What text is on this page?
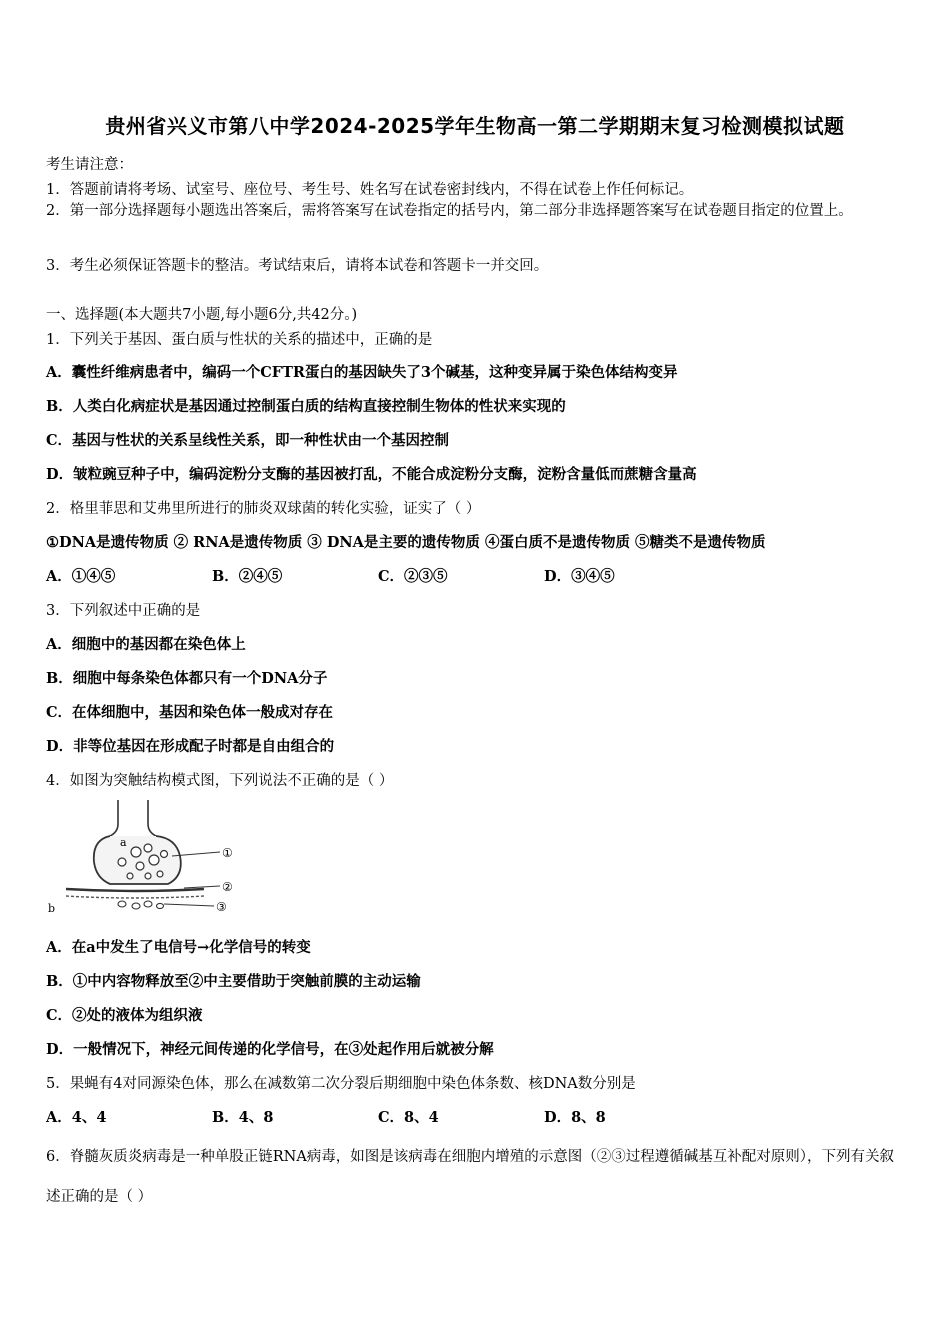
贵州省兴义市第八中学2024-2025学年生物高一第二学期期末复习检测模拟试题
考生请注意：
1．答题前请将考场、试室号、座位号、考生号、姓名写在试卷密封线内，不得在试卷上作任何标记。
2．第一部分选择题每小题选出答案后，需将答案写在试卷指定的括号内，第二部分非选择题答案写在试卷题目指定的位置上。
3．考生必须保证答题卡的整洁。考试结束后，请将本试卷和答题卡一并交回。
一、选择题(本大题共7小题,每小题6分,共42分。)
1．下列关于基因、蛋白质与性状的关系的描述中，正确的是
A．囊性纤维病患者中，编码一个CFTR蛋白的基因缺失了3个碱基，这种变异属于染色体结构变异
B．人类白化病症状是基因通过控制蛋白质的结构直接控制生物体的性状来实现的
C．基因与性状的关系呈线性关系，即一种性状由一个基因控制
D．皱粒豌豆种子中，编码淀粉分支酶的基因被打乱，不能合成淀粉分支酶，淀粉含量低而蔗糖含量高
2．格里菲思和艾弗里所进行的肺炎双球菌的转化实验，证实了（ ）
①DNA是遗传物质 ② RNA是遗传物质 ③ DNA是主要的遗传物质 ④蛋白质不是遗传物质 ⑤糖类不是遗传物质
A．①④⑤	B．②④⑤	C．②③⑤	D．③④⑤
3．下列叙述中正确的是
A．细胞中的基因都在染色体上
B．细胞中每条染色体都只有一个DNA分子
C．在体细胞中，基因和染色体一般成对存在
D．非等位基因在形成配子时都是自由组合的
4．如图为突触结构模式图，下列说法不正确的是（ ）
a
b
①
②
③
A．在a中发生了电信号→化学信号的转变
B．①中内容物释放至②中主要借助于突触前膜的主动运输
C．②处的液体为组织液
D．一般情况下，神经元间传递的化学信号，在③处起作用后就被分解
5．果蝇有4对同源染色体，那么在减数第二次分裂后期细胞中染色体条数、核DNA数分别是
A．4、4	B．4、8	C．8、4	D．8、8
6．脊髓灰质炎病毒是一种单股正链RNA病毒，如图是该病毒在细胞内增殖的示意图（②③过程遵循碱基互补配对原则），下列有关叙述正确的是（ ）
